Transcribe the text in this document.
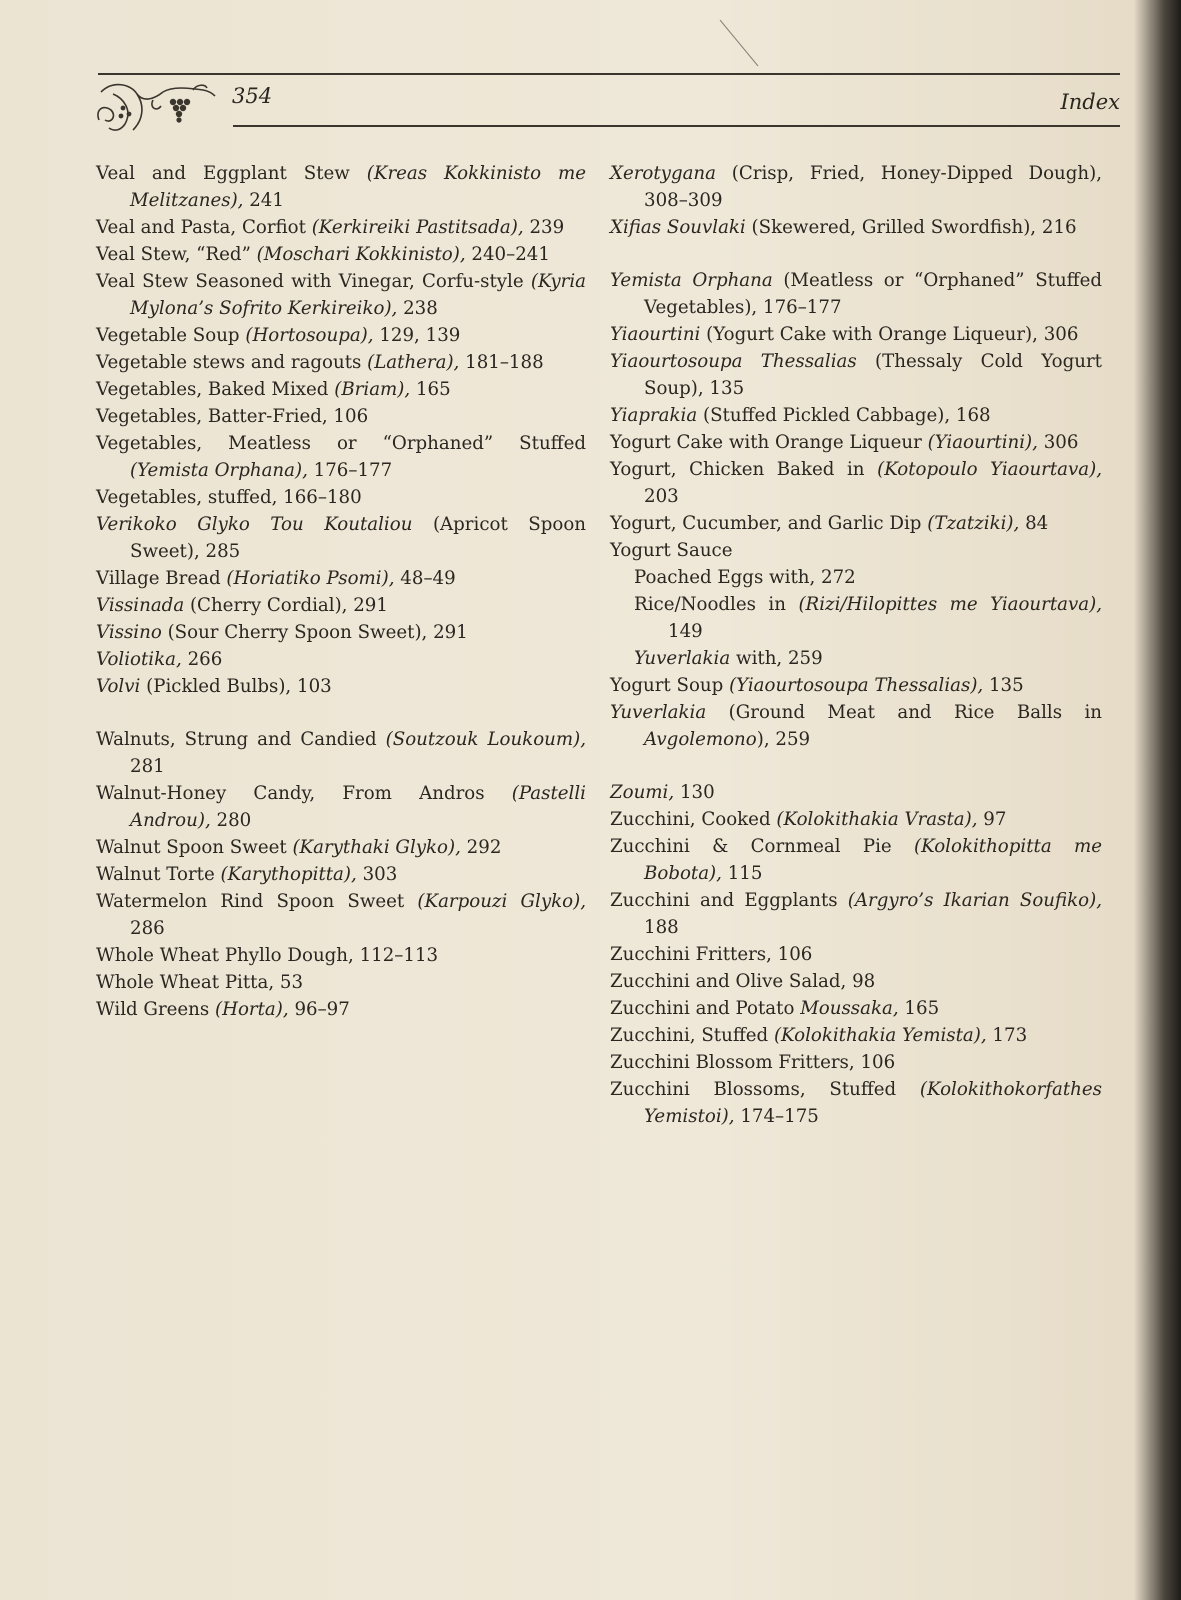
354	Index
Veal and Eggplant Stew (Kreas Kokkinisto me Melitzanes), 241
Veal and Pasta, Corfiot (Kerkireiki Pastitsada), 239
Veal Stew, “Red” (Moschari Kokkinisto), 240–241
Veal Stew Seasoned with Vinegar, Corfu-style (Kyria Mylona’s Sofrito Kerkireiko), 238
Vegetable Soup (Hortosoupa), 129, 139
Vegetable stews and ragouts (Lathera), 181–188
Vegetables, Baked Mixed (Briam), 165
Vegetables, Batter-Fried, 106
Vegetables, Meatless or “Orphaned” Stuffed (Yemista Orphana), 176–177
Vegetables, stuffed, 166–180
Verikoko Glyko Tou Koutaliou (Apricot Spoon Sweet), 285
Village Bread (Horiatiko Psomi), 48–49
Vissinada (Cherry Cordial), 291
Vissino (Sour Cherry Spoon Sweet), 291
Voliotika, 266
Volvi (Pickled Bulbs), 103
Walnuts, Strung and Candied (Soutzouk Loukoum), 281
Walnut-Honey Candy, From Andros (Pastelli Androu), 280
Walnut Spoon Sweet (Karythaki Glyko), 292
Walnut Torte (Karythopitta), 303
Watermelon Rind Spoon Sweet (Karpouzi Glyko), 286
Whole Wheat Phyllo Dough, 112–113
Whole Wheat Pitta, 53
Wild Greens (Horta), 96–97
Xerotygana (Crisp, Fried, Honey-Dipped Dough), 308–309
Xifias Souvlaki (Skewered, Grilled Swordfish), 216
Yemista Orphana (Meatless or “Orphaned” Stuffed Vegetables), 176–177
Yiaourtini (Yogurt Cake with Orange Liqueur), 306
Yiaourtosoupa Thessalias (Thessaly Cold Yogurt Soup), 135
Yiaprakia (Stuffed Pickled Cabbage), 168
Yogurt Cake with Orange Liqueur (Yiaourtini), 306
Yogurt, Chicken Baked in (Kotopoulo Yiaourtava), 203
Yogurt, Cucumber, and Garlic Dip (Tzatziki), 84
Yogurt Sauce
Poached Eggs with, 272
Rice/Noodles in (Rizi/Hilopittes me Yiaourtava), 149
Yuverlakia with, 259
Yogurt Soup (Yiaourtosoupa Thessalias), 135
Yuverlakia (Ground Meat and Rice Balls in Avgolemono), 259
Zoumi, 130
Zucchini, Cooked (Kolokithakia Vrasta), 97
Zucchini & Cornmeal Pie (Kolokithopitta me Bobota), 115
Zucchini and Eggplants (Argyro’s Ikarian Soufiko), 188
Zucchini Fritters, 106
Zucchini and Olive Salad, 98
Zucchini and Potato Moussaka, 165
Zucchini, Stuffed (Kolokithakia Yemista), 173
Zucchini Blossom Fritters, 106
Zucchini Blossoms, Stuffed (Kolokithokorfathes Yemistoi), 174–175
